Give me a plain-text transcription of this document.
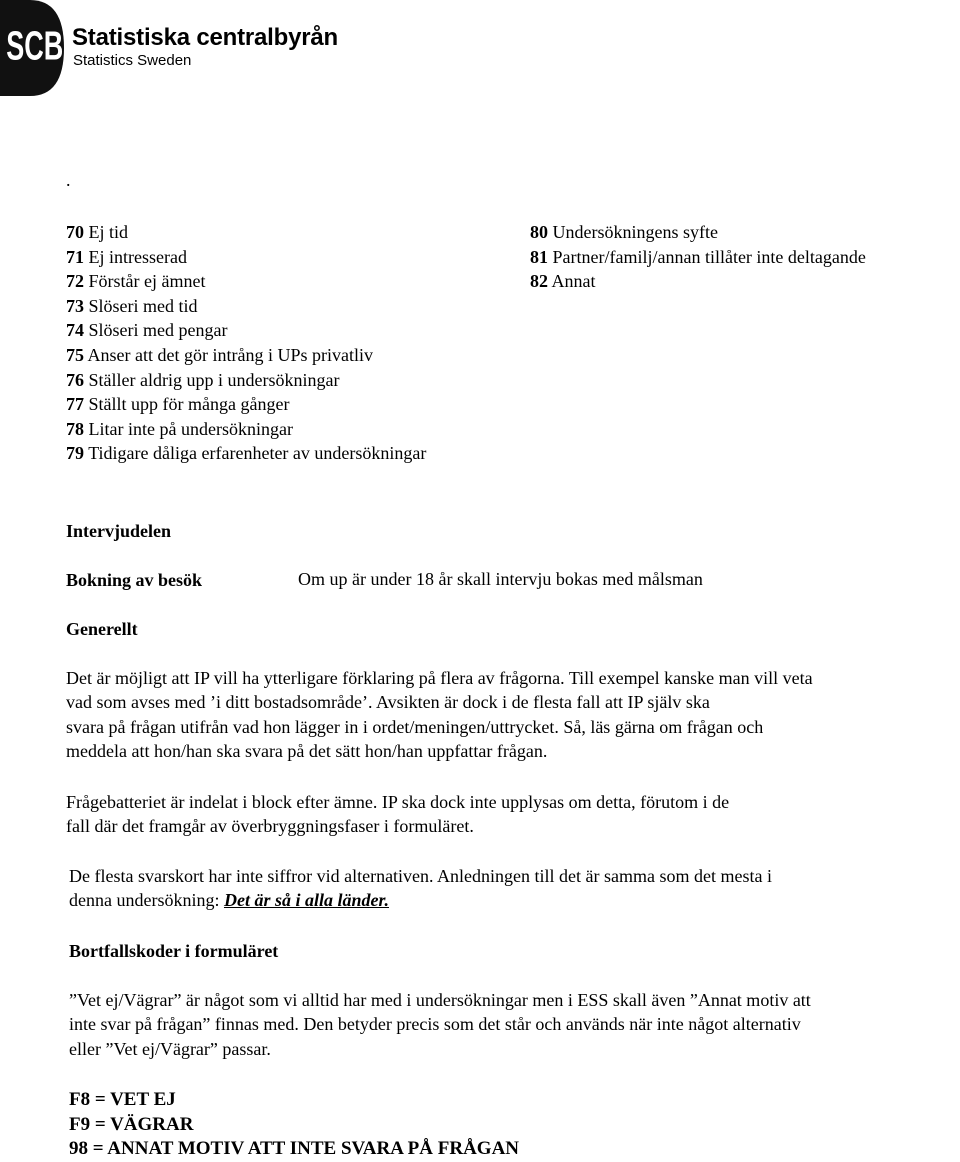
SCB Statistiska centralbyrån
Statistics Sweden
.
70 Ej tid
71 Ej intresserad
72 Förstår ej ämnet
73 Slöseri med tid
74 Slöseri med pengar
75 Anser att det gör intrång i UPs privatliv
76 Ställer aldrig upp i undersökningar
77 Ställt upp för många gånger
78 Litar inte på undersökningar
79 Tidigare dåliga erfarenheter av undersökningar
80 Undersökningens syfte
81 Partner/familj/annan tillåter inte deltagande
82 Annat
Intervjudelen
Bokning av besök	Om up är under 18 år skall intervju bokas med målsman
Generellt

Det är möjligt att IP vill ha ytterligare förklaring på flera av frågorna. Till exempel kanske man vill veta

vad som avses med ’i ditt bostadsområde’. Avsikten är dock i de flesta fall att IP själv ska

svara på frågan utifrån vad hon lägger in i ordet/meningen/uttrycket. Så, läs gärna om frågan och

meddela att hon/han ska svara på det sätt hon/han uppfattar frågan.

Frågebatteriet är indelat i block efter ämne. IP ska dock inte upplysas om detta, förutom i de

fall där det framgår av överbryggningsfaser i formuläret.

De flesta svarskort har inte siffror vid alternativen. Anledningen till det är samma som det mesta i

denna undersökning: Det är så i alla länder.

Bortfallskoder i formuläret

”Vet ej/Vägrar” är något som vi alltid har med i undersökningar men i ESS skall även ”Annat motiv att

inte svar på frågan” finnas med. Den betyder precis som det står och används när inte något alternativ

eller ”Vet ej/Vägrar” passar.

F8 = VET EJ
F9 = VÄGRAR
98 = ANNAT MOTIV ATT INTE SVARA PÅ FRÅGAN
